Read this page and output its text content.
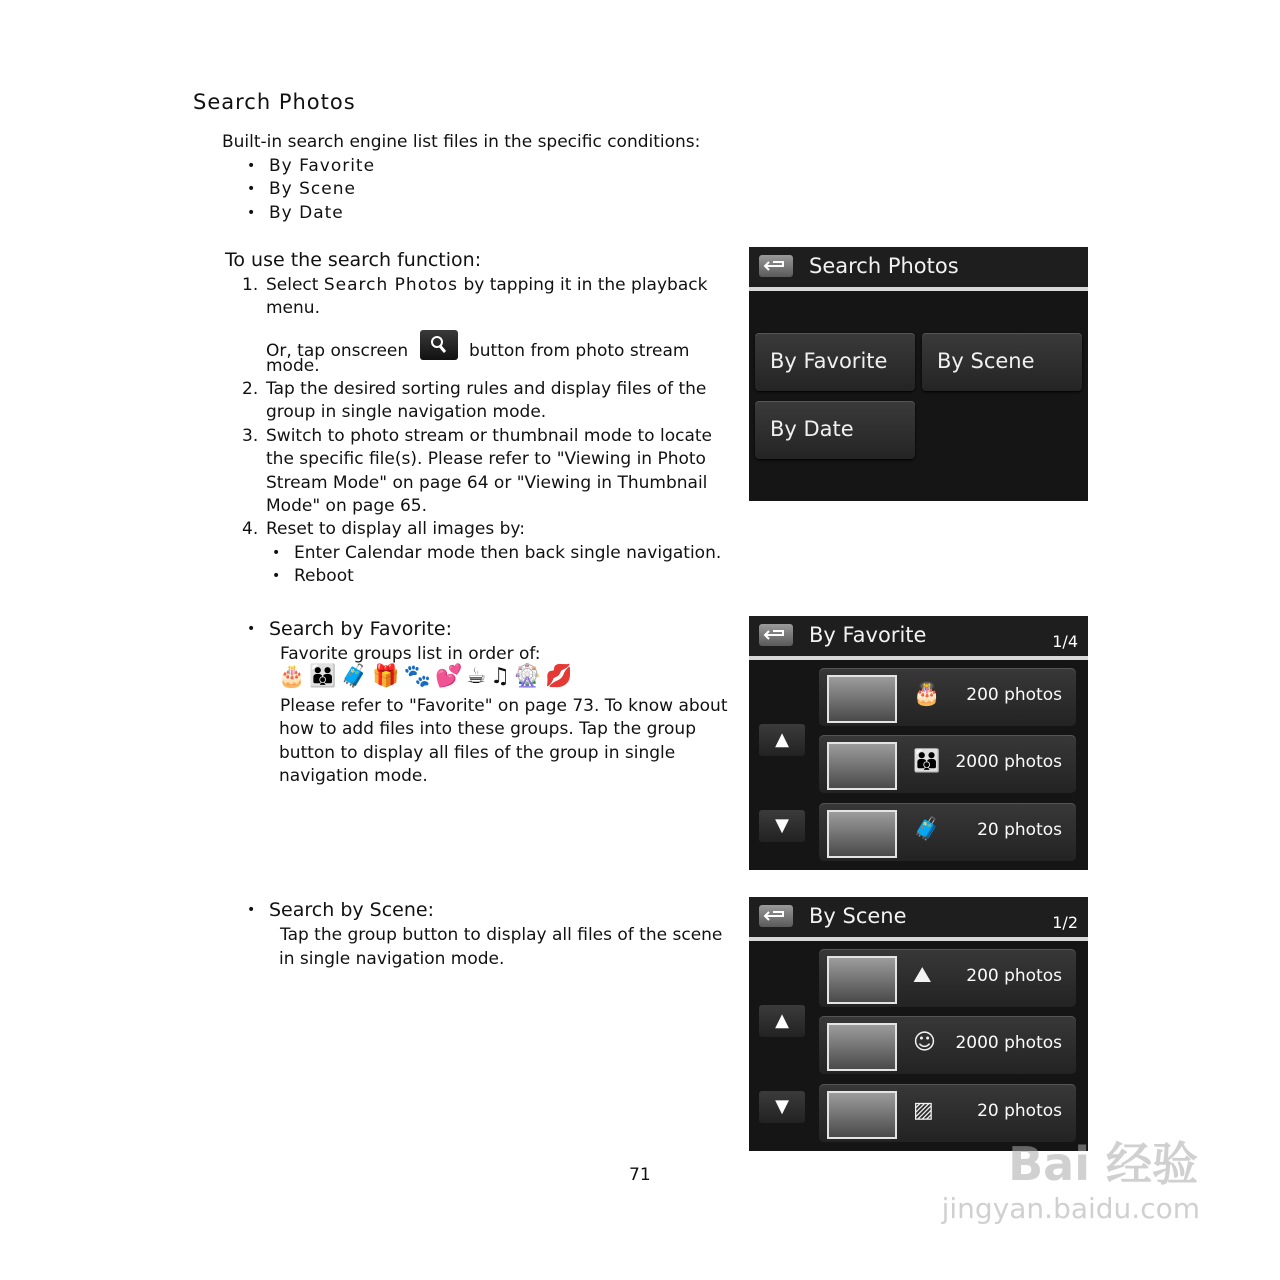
Search Photos
Built-in search engine list files in the specific conditions:
• By Favorite
• By Scene
• By Date
To use the search function:
1. Select Search Photos by tapping it in the playback
menu.
Or, tap onscreen	button from photo stream
mode.
2. Tap the desired sorting rules and display files of the
group in single navigation mode.
3. Switch to photo stream or thumbnail mode to locate
the specific file(s). Please refer to "Viewing in Photo
Stream Mode" on page 64 or "Viewing in Thumbnail
Mode" on page 65.
4. Reset to display all images by:
• Enter Calendar mode then back single navigation.
• Reboot
• Search by Favorite:
Favorite groups list in order of:
🎂👪🧳🎁🐾💕☕♫🎡💋
Please refer to "Favorite" on page 73. To know about
how to add files into these groups. Tap the group
button to display all files of the group in single
navigation mode.
• Search by Scene:
Tap the group button to display all files of the scene
in single navigation mode.
71
Search Photos
By Favorite By Scene
By Date
By Favorite	1/4
▲
▼
🎂 200 photos
👪 2000 photos
🧳 20 photos
By Scene	1/2
▲
▼
⛰ 200 photos
☺ 2000 photos
▨	20 photos
Bai 经验
jingyan.baidu.com
